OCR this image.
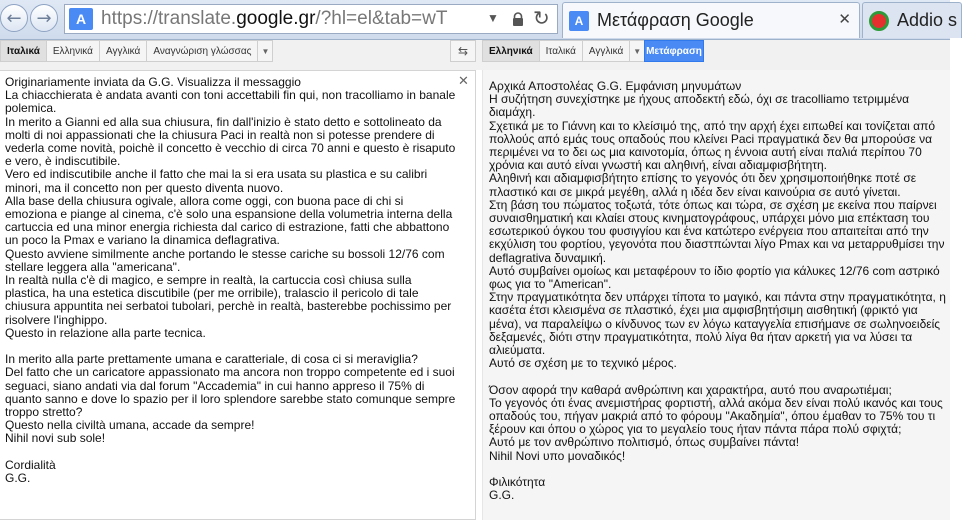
← →	A https://translate.google.gr/?hl=el&tab=wT	▼ ↻	A Μετάφραση Google	✕	Addio s
Ιταλικά	Ελληνικά	Αγγλικά	Αναγνώριση γλώσσας	▼	⇆	Ελληνικά	Ιταλικά	Αγγλικά	▼ Μετάφραση
Originariamente inviata da G.G. Visualizza il messaggio
La chiacchierata è andata avanti con toni accettabili fin qui, non tracolliamo in banale polemica.
In merito a Gianni ed alla sua chiusura, fin dall'inizio è stato detto e sottolineato da molti di noi appassionati che la chiusura Paci in realtà non si potesse prendere di vederla come novità, poichè il concetto è vecchio di circa 70 anni e questo è risaputo e vero, è indiscutibile.
Vero ed indiscutibile anche il fatto che mai la si era usata su plastica e su calibri minori, ma il concetto non per questo diventa nuovo.
Alla base della chiusura ogivale, allora come oggi, con buona pace di chi si emoziona e piange al cinema, c'è solo una espansione della volumetria interna della cartuccia ed una minor energia richiesta dal carico di estrazione, fatti che abbattono un poco la Pmax e variano la dinamica deflagrativa.
Questo avviene similmente anche portando le stesse cariche su bossoli 12/76 com stellare leggera alla "americana".
In realtà nulla c'è di magico, e sempre in realtà, la cartuccia così chiusa sulla plastica, ha una estetica discutibile (per me orribile), tralascio il pericolo di tale chiusura appuntita nei serbatoi tubolari, perchè in realtà, basterebbe pochissimo per risolvere l'inghippo.
Questo in relazione alla parte tecnica.

In merito alla parte prettamente umana e caratteriale, di cosa ci si meraviglia?
Del fatto che un caricatore appassionato ma ancora non troppo competente ed i suoi seguaci, siano andati via dal forum "Accademia" in cui hanno appreso il 75% di quanto sanno e dove lo spazio per il loro splendore sarebbe stato comunque sempre troppo stretto?
Questo nella civiltà umana, accade da sempre!
Nihil novi sub sole!

Cordialità
G.G.
✕ Αρχικά Αποστολέας G.G. Εμφάνιση μηνυμάτων
Η συζήτηση συνεχίστηκε με ήχους αποδεκτή εδώ, όχι σε tracolliamo τετριμμένα διαμάχη.
Σχετικά με το Γιάννη και το κλείσιμό της, από την αρχή έχει ειπωθεί και τονίζεται από πολλούς από εμάς τους οπαδούς που κλείνει Paci πραγματικά δεν θα μπορούσε να περιμένει να το δει ως μια καινοτομία, όπως η έννοια αυτή είναι παλιά περίπου 70 χρόνια και αυτό είναι γνωστή και αληθινή, είναι αδιαμφισβήτητη.
Αληθινή και αδιαμφισβήτητο επίσης το γεγονός ότι δεν χρησιμοποιήθηκε ποτέ σε πλαστικό και σε μικρά μεγέθη, αλλά η ιδέα δεν είναι καινούρια σε αυτό γίνεται.
Στη βάση του πώματος τοξωτά, τότε όπως και τώρα, σε σχέση με εκείνα που παίρνει συναισθηματική και κλαίει στους κινηματογράφους, υπάρχει μόνο μια επέκταση του εσωτερικού όγκου του φυσιγγίου και ένα κατώτερο ενέργεια που απαιτείται από την εκχύλιση του φορτίου, γεγονότα που διαστπώνται λίγο Pmax και να μεταρρυθμίσει την deflagrativa δυναμική.
Αυτό συμβαίνει ομοίως και μεταφέρουν το ίδιο φορτίο για κάλυκες 12/76 com αστρικό φως για το "American".
Στην πραγματικότητα δεν υπάρχει τίποτα το μαγικό, και πάντα στην πραγματικότητα, η κασέτα έτσι κλεισμένα σε πλαστικό, έχει μια αμφισβητήσιμη αισθητική (φρικτό για μένα), να παραλείψω ο κίνδυνος των εν λόγω καταγγελία επισήμανε σε σωληνοειδείς δεξαμενές, διότι στην πραγματικότητα, πολύ λίγα θα ήταν αρκετή για να λύσει τα αλιεύματα.
Αυτό σε σχέση με το τεχνικό μέρος.

Όσον αφορά την καθαρά ανθρώπινη και χαρακτήρα, αυτό που αναρωτιέμαι;
Το γεγονός ότι ένας ανεμιστήρας φορτιστή, αλλά ακόμα δεν είναι πολύ ικανός και τους οπαδούς του, πήγαν μακριά από το φόρουμ "Ακαδημία", όπου έμαθαν το 75% του τι ξέρουν και όπου ο χώρος για το μεγαλείο τους ήταν πάντα πάρα πολύ σφιχτά;
Αυτό με τον ανθρώπινο πολιτισμό, όπως συμβαίνει πάντα!
Nihil Novi υπο μοναδικός!

Φιλικότητα
G.G.
